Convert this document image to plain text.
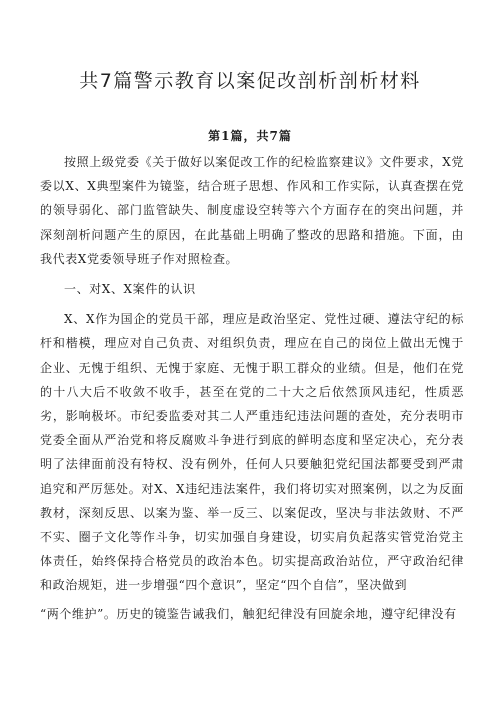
共7篇警示教育以案促改剖析剖析材料

第1篇，共7篇

按照上级党委《关于做好以案促改工作的纪检监察建议》文件要求，X党委以X、X典型案件为镜鉴，结合班子思想、作风和工作实际，认真查摆在党的领导弱化、部门监管缺失、制度虚设空转等六个方面存在的突出问题，并深刻剖析问题产生的原因，在此基础上明确了整改的思路和措施。下面，由我代表X党委领导班子作对照检查。

一、对X、X案件的认识

X、X作为国企的党员干部，理应是政治坚定、党性过硬、遵法守纪的标杆和楷模，理应对自己负责、对组织负责，理应在自己的岗位上做出无愧于企业、无愧于组织、无愧于家庭、无愧于职工群众的业绩。但是，他们在党的十八大后不收敛不收手，甚至在党的二十大之后依然顶风违纪，性质恶劣，影响极坏。市纪委监委对其二人严重违纪违法问题的查处，充分表明市党委全面从严治党和将反腐败斗争进行到底的鲜明态度和坚定决心，充分表明了法律面前没有特权、没有例外，任何人只要触犯党纪国法都要受到严肃追究和严厉惩处。对X、X违纪违法案件，我们将切实对照案例，以之为反面教材，深刻反思、以案为鉴、举一反三、以案促改，坚决与非法敛财、不严不实、圈子文化等作斗争，切实加强自身建设，切实肩负起落实管党治党主体责任，始终保持合格党员的政治本色。切实提高政治站位，严守政治纪律和政治规矩，进一步增强“四个意识”，坚定“四个自信”，坚决做到

“两个维护”。历史的镜鉴告诫我们，触犯纪律没有回旋余地，遵守纪律没有
